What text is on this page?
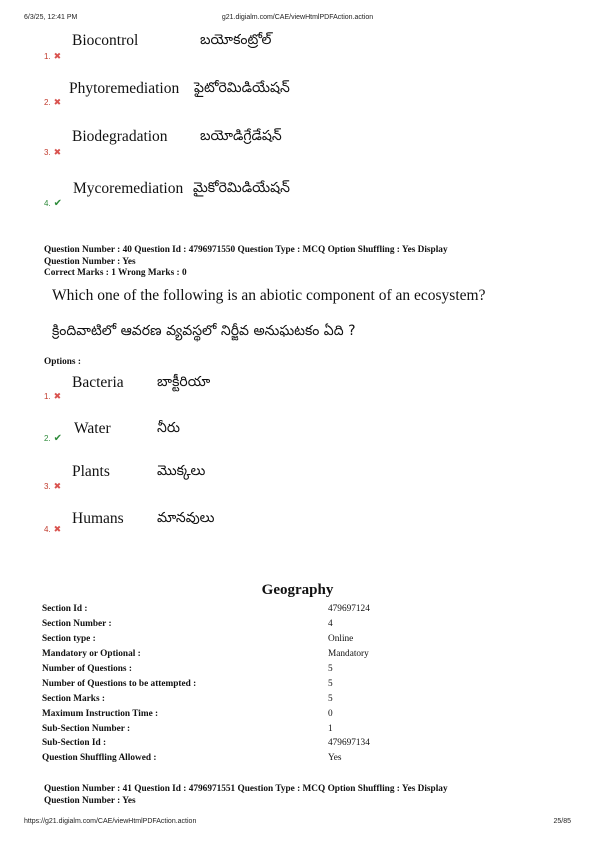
6/3/25, 12:41 PM	g21.digialm.com/CAE/viewHtmlPDFAction.action
1. ✖
Biocontrol	బయోకంట్రోల్
2. ✖
Phytoremediation ఫైటోరెమిడియేషన్
3. ✖
Biodegradation బయోడిగ్రేడేషన్
4. ✔
Mycoremediation మైకోరెమిడియేషన్
Question Number : 40 Question Id : 4796971550 Question Type : MCQ Option Shuffling : Yes Display
Question Number : Yes
Correct Marks : 1 Wrong Marks : 0
Which one of the following is an abiotic component of an ecosystem?
క్రిందివాటిలో ఆవరణ వ్యవస్థలో నిర్జీవ అనుఘటకం ఏది ?
Options :
1. ✖
Bacteria బాక్టీరియా
2. ✔
Water	నీరు
3. ✖
Plants	మొక్కలు
4. ✖
Humans మానవులు
Geography
Section Id :	479697124
Section Number :	4
Section type :	Online
Mandatory or Optional :	Mandatory
Number of Questions :	5
Number of Questions to be attempted :	5
Section Marks :	5
Maximum Instruction Time :	0
Sub-Section Number :	1
Sub-Section Id :	479697134
Question Shuffling Allowed :	Yes
Question Number : 41 Question Id : 4796971551 Question Type : MCQ Option Shuffling : Yes Display
Question Number : Yes
https://g21.digialm.com/CAE/viewHtmlPDFAction.action	25/85
